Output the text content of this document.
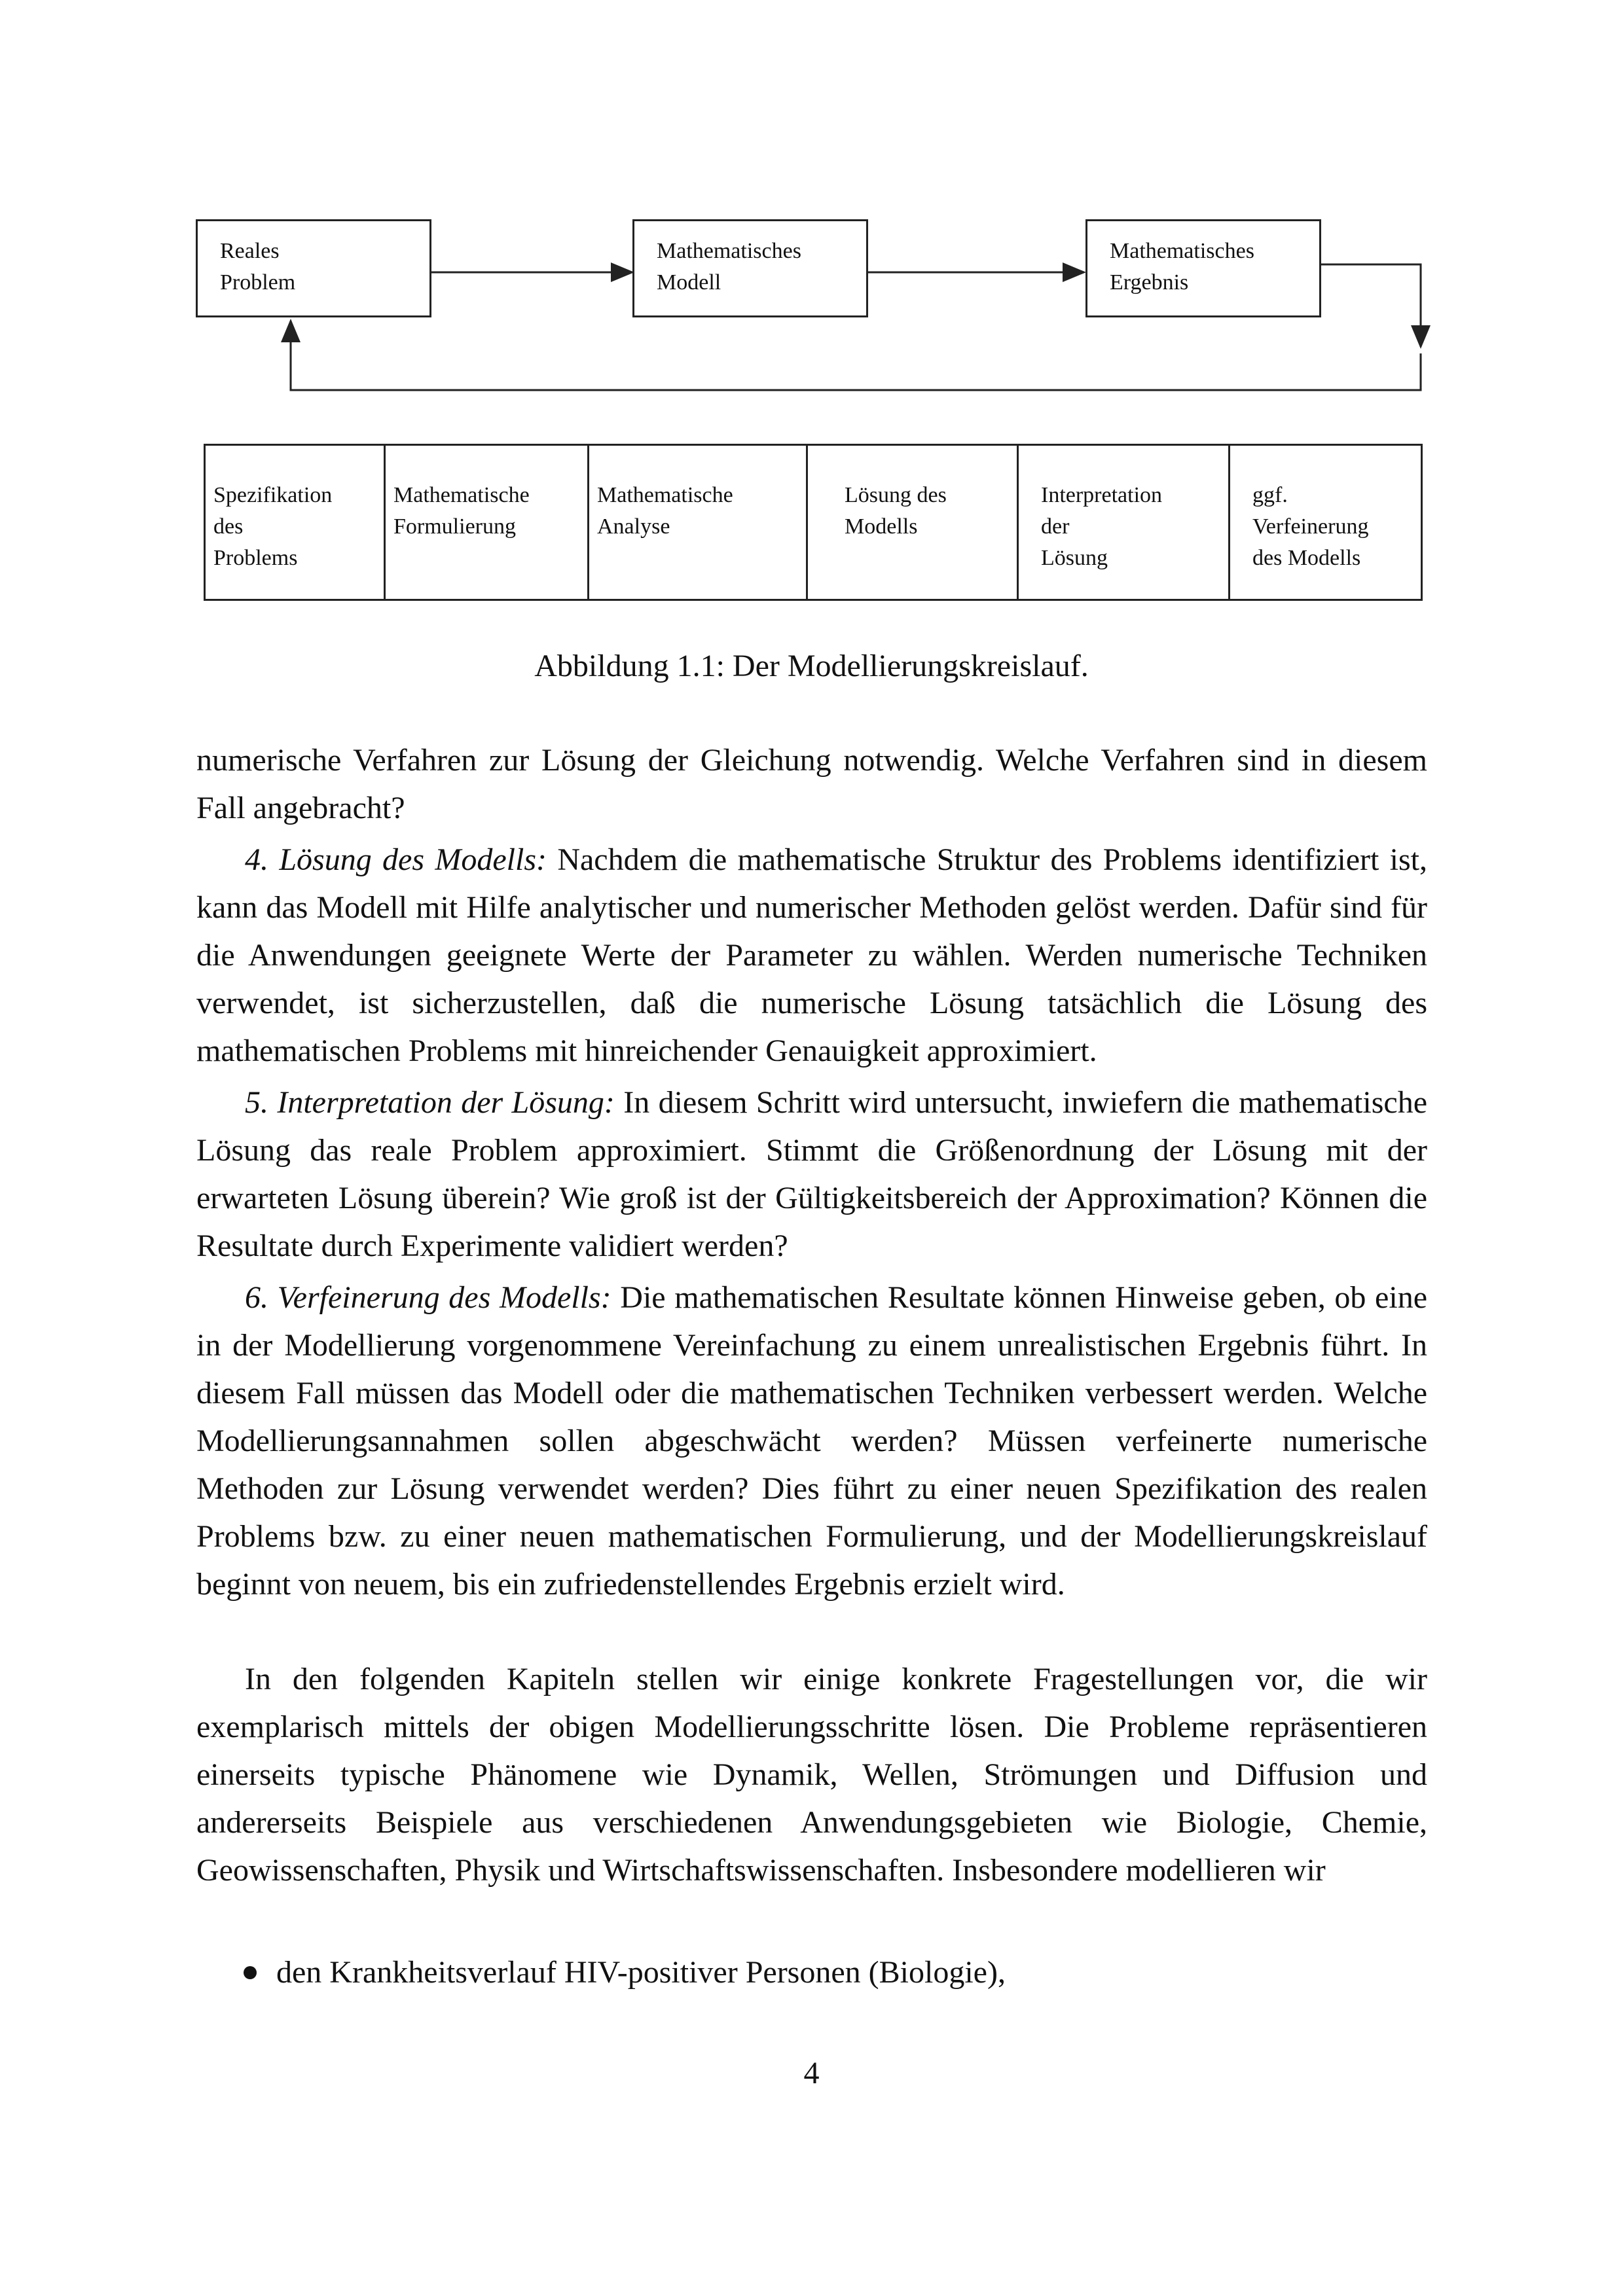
Reales
Problem
Mathematisches
Modell
Mathematisches
Ergebnis
Spezifikation
des
Problems
Mathematische
Formulierung
Mathematische
Analyse
Lösung des
Modells
Interpretation
der
Lösung
ggf.
Verfeinerung
des Modells
Abbildung 1.1: Der Modellierungskreislauf.

numerische Verfahren zur Lösung der Gleichung notwendig. Welche Verfahren sind in diesem Fall angebracht?

4. Lösung des Modells: Nachdem die mathematische Struktur des Problems identifiziert ist, kann das Modell mit Hilfe analytischer und numerischer Methoden gelöst werden. Dafür sind für die Anwendungen geeignete Werte der Parameter zu wählen. Werden numerische Techniken verwendet, ist sicherzustellen, daß die numerische Lösung tatsächlich die Lösung des mathematischen Problems mit hinreichender Genauigkeit approximiert.

5. Interpretation der Lösung: In diesem Schritt wird untersucht, inwiefern die mathematische Lösung das reale Problem approximiert. Stimmt die Größenordnung der Lösung mit der erwarteten Lösung überein? Wie groß ist der Gültigkeitsbereich der Approximation? Können die Resultate durch Experimente validiert werden?

6. Verfeinerung des Modells: Die mathematischen Resultate können Hinweise geben, ob eine in der Modellierung vorgenommene Vereinfachung zu einem unrealistischen Ergebnis führt. In diesem Fall müssen das Modell oder die mathematischen Techniken verbessert werden. Welche Modellierungsannahmen sollen abgeschwächt werden? Müssen verfeinerte numerische Methoden zur Lösung verwendet werden? Dies führt zu einer neuen Spezifikation des realen Problems bzw. zu einer neuen mathematischen Formulierung, und der Modellierungskreislauf beginnt von neuem, bis ein zufriedenstellendes Ergebnis erzielt wird.

In den folgenden Kapiteln stellen wir einige konkrete Fragestellungen vor, die wir exemplarisch mittels der obigen Modellierungsschritte lösen. Die Probleme repräsentieren einerseits typische Phänomene wie Dynamik, Wellen, Strömungen und Diffusion und andererseits Beispiele aus verschiedenen Anwendungsgebieten wie Biologie, Chemie, Geowissenschaften, Physik und Wirtschaftswissenschaften. Insbesondere modellieren wir

den Krankheitsverlauf HIV-positiver Personen (Biologie),
4
